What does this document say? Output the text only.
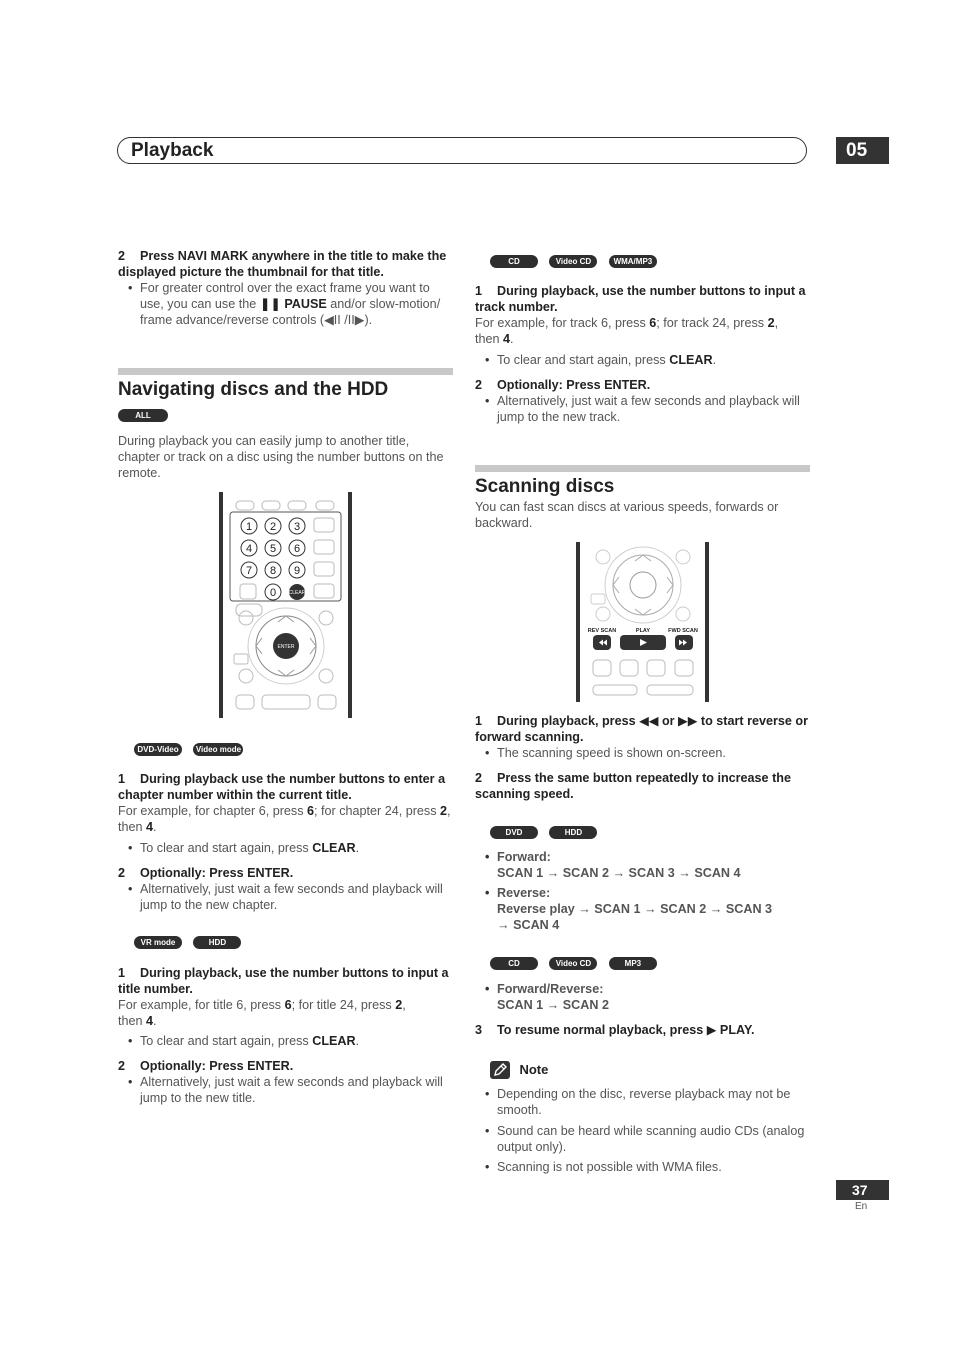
Playback	05
2 Press NAVI MARK anywhere in the title to make the displayed picture the thumbnail for that title.
• For greater control over the exact frame you want to use, you can use the ❚❚ PAUSE and/or slow-motion/ frame advance/reverse controls (◀II /II▶).
Navigating discs and the HDD
ALL
During playback you can easily jump to another title, chapter or track on a disc using the number buttons on the remote.
1 2 3
4 5 6
7 8 9
0	CLEAR
ENTER
DVD-Video Video mode
1 During playback use the number buttons to enter a chapter number within the current title.
For example, for chapter 6, press 6; for chapter 24, press 2, then 4.
• To clear and start again, press CLEAR.
2 Optionally: Press ENTER.
• Alternatively, just wait a few seconds and playback will jump to the new chapter.
VR mode	HDD
1 During playback, use the number buttons to input a title number.
For example, for title 6, press 6; for title 24, press 2,
then 4.
• To clear and start again, press CLEAR.
2 Optionally: Press ENTER.
• Alternatively, just wait a few seconds and playback will jump to the new title.
CD	Video CD	WMA/MP3
1 During playback, use the number buttons to input a track number.
For example, for track 6, press 6; for track 24, press 2,
then 4.
• To clear and start again, press CLEAR.
2 Optionally: Press ENTER.
• Alternatively, just wait a few seconds and playback will jump to the new track.
Scanning discs
You can fast scan discs at various speeds, forwards or backward.
REV SCAN	PLAY	FWD SCAN
1 During playback, press ◀◀ or ▶▶ to start reverse or forward scanning.
• The scanning speed is shown on-screen.
2 Press the same button repeatedly to increase the scanning speed.
DVD	HDD
• Forward:
SCAN 1 → SCAN 2 → SCAN 3 → SCAN 4
• Reverse:
Reverse play → SCAN 1 → SCAN 2 → SCAN 3
→ SCAN 4
CD	Video CD	MP3
• Forward/Reverse:
SCAN 1 → SCAN 2
3 To resume normal playback, press ▶ PLAY.
Note
• Depending on the disc, reverse playback may not be smooth.
• Sound can be heard while scanning audio CDs (analog output only).
• Scanning is not possible with WMA files.
37
En
